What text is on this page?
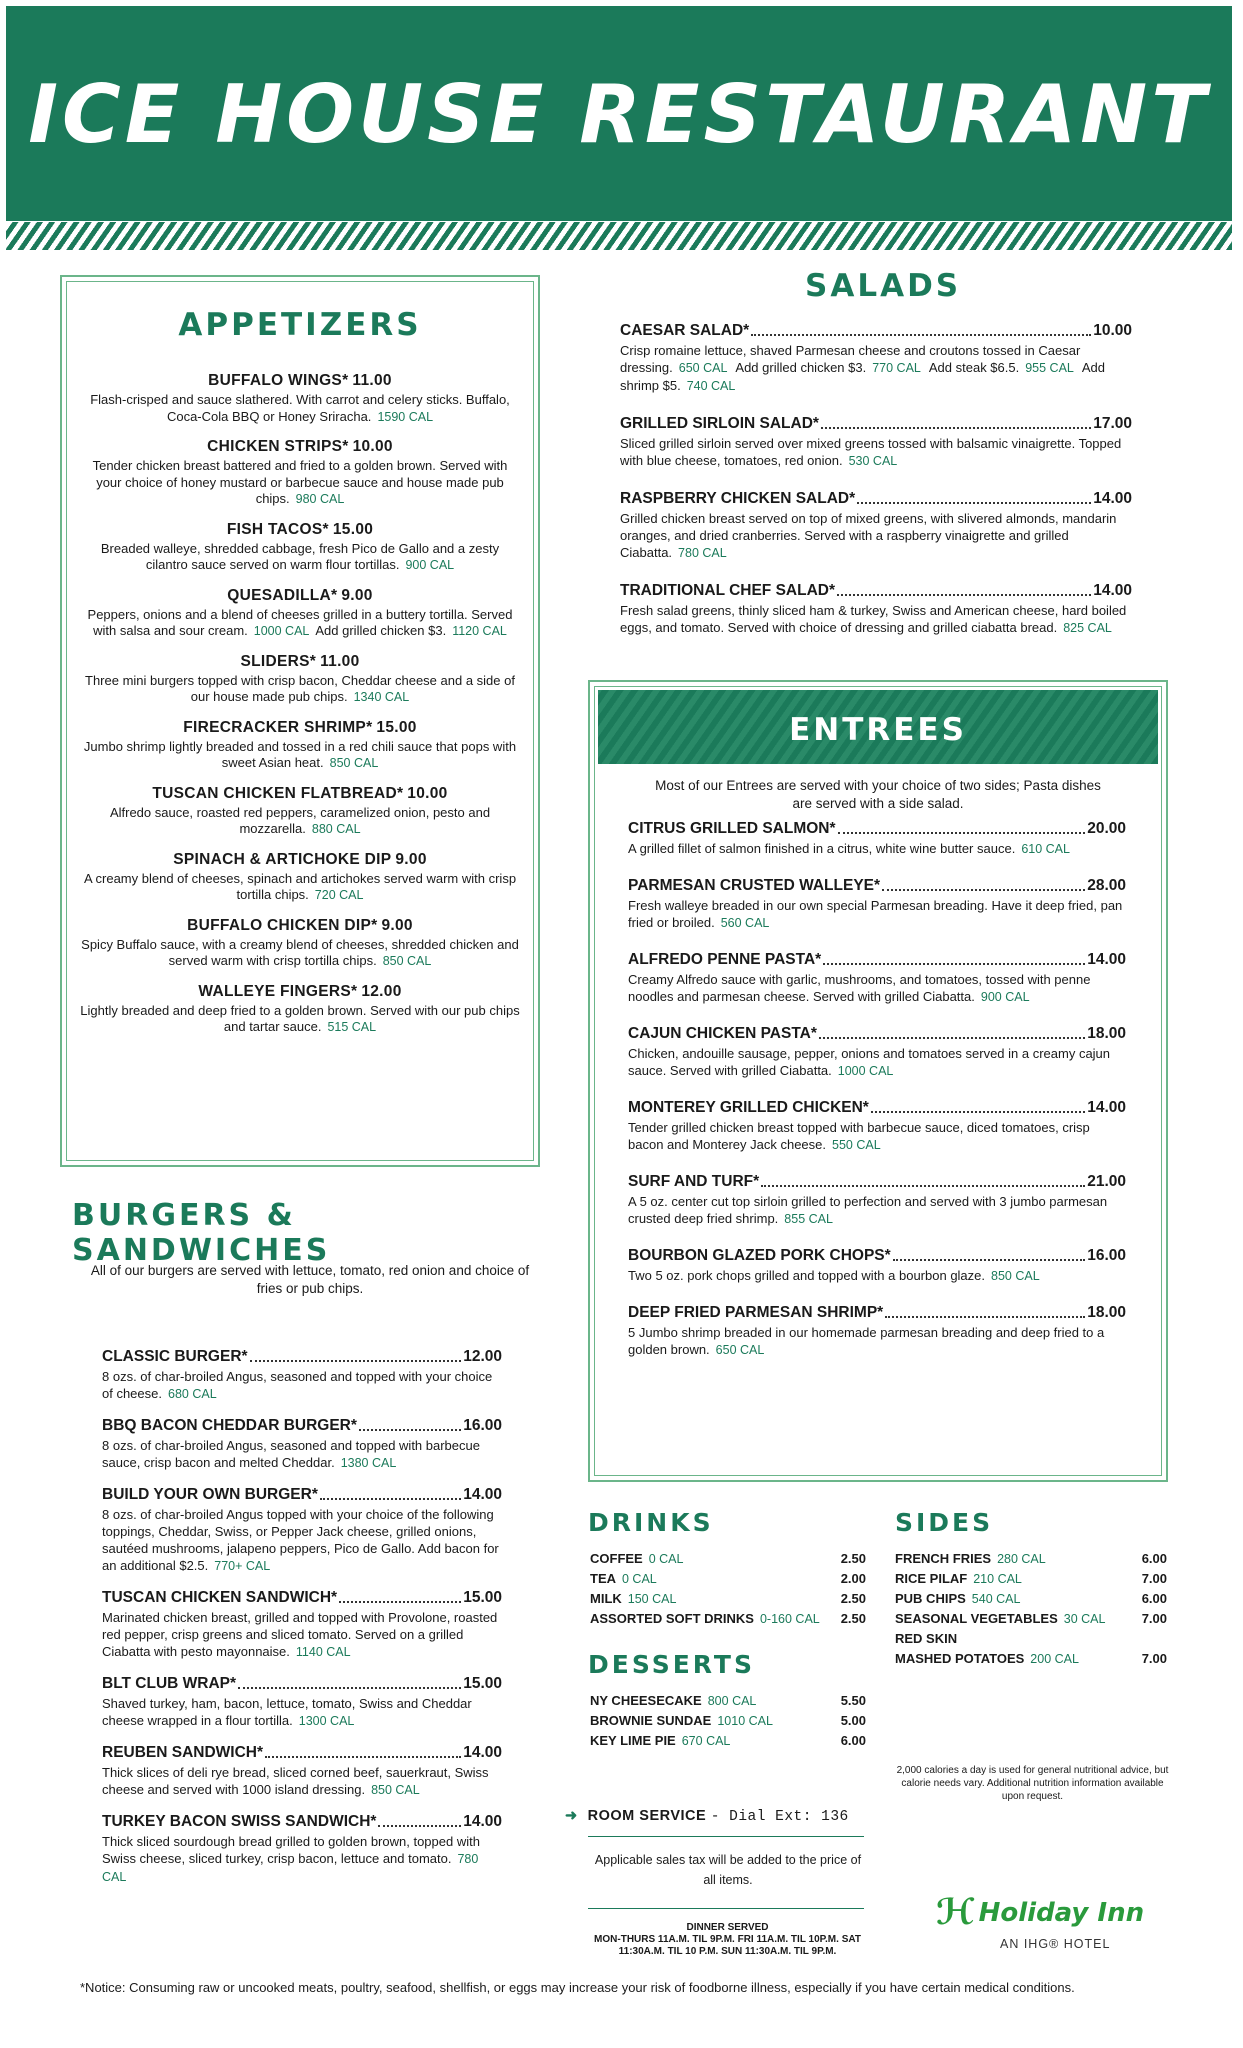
ICE HOUSE RESTAURANT
APPETIZERS
BUFFALO WINGS* 11.00
Flash-crisped and sauce slathered. With carrot and celery sticks. Buffalo, Coca-Cola BBQ or Honey Sriracha. 1590 CAL
CHICKEN STRIPS* 10.00
Tender chicken breast battered and fried to a golden brown. Served with your choice of honey mustard or barbecue sauce and house made pub chips. 980 CAL
FISH TACOS* 15.00
Breaded walleye, shredded cabbage, fresh Pico de Gallo and a zesty cilantro sauce served on warm flour tortillas. 900 CAL
QUESADILLA* 9.00
Peppers, onions and a blend of cheeses grilled in a buttery tortilla. Served with salsa and sour cream. 1000 CAL Add grilled chicken $3. 1120 CAL
SLIDERS* 11.00
Three mini burgers topped with crisp bacon, Cheddar cheese and a side of our house made pub chips. 1340 CAL
FIRECRACKER SHRIMP* 15.00
Jumbo shrimp lightly breaded and tossed in a red chili sauce that pops with sweet Asian heat. 850 CAL
TUSCAN CHICKEN FLATBREAD* 10.00
Alfredo sauce, roasted red peppers, caramelized onion, pesto and mozzarella. 880 CAL
SPINACH & ARTICHOKE DIP 9.00
A creamy blend of cheeses, spinach and artichokes served warm with crisp tortilla chips. 720 CAL
BUFFALO CHICKEN DIP* 9.00
Spicy Buffalo sauce, with a creamy blend of cheeses, shredded chicken and served warm with crisp tortilla chips. 850 CAL
WALLEYE FINGERS* 12.00
Lightly breaded and deep fried to a golden brown. Served with our pub chips and tartar sauce. 515 CAL
BURGERS & SANDWICHES
All of our burgers are served with lettuce, tomato, red onion and choice of fries or pub chips.
CLASSIC BURGER*	12.00
8 ozs. of char-broiled Angus, seasoned and topped with your choice of cheese. 680 CAL
BBQ BACON CHEDDAR BURGER*	16.00
8 ozs. of char-broiled Angus, seasoned and topped with barbecue sauce, crisp bacon and melted Cheddar. 1380 CAL
BUILD YOUR OWN BURGER*	14.00
8 ozs. of char-broiled Angus topped with your choice of the following toppings, Cheddar, Swiss, or Pepper Jack cheese, grilled onions, sautéed mushrooms, jalapeno peppers, Pico de Gallo. Add bacon for an additional $2.5. 770+ CAL
TUSCAN CHICKEN SANDWICH*	15.00
Marinated chicken breast, grilled and topped with Provolone, roasted red pepper, crisp greens and sliced tomato. Served on a grilled Ciabatta with pesto mayonnaise. 1140 CAL
BLT CLUB WRAP*	15.00
Shaved turkey, ham, bacon, lettuce, tomato, Swiss and Cheddar cheese wrapped in a flour tortilla. 1300 CAL
REUBEN SANDWICH*	14.00
Thick slices of deli rye bread, sliced corned beef, sauerkraut, Swiss cheese and served with 1000 island dressing. 850 CAL
TURKEY BACON SWISS SANDWICH*	14.00
Thick sliced sourdough bread grilled to golden brown, topped with Swiss cheese, sliced turkey, crisp bacon, lettuce and tomato. 780 CAL
SALADS
CAESAR SALAD*	10.00
Crisp romaine lettuce, shaved Parmesan cheese and croutons tossed in Caesar dressing. 650 CAL Add grilled chicken $3. 770 CAL Add steak $6.5. 955 CAL Add shrimp $5. 740 CAL
GRILLED SIRLOIN SALAD*	17.00
Sliced grilled sirloin served over mixed greens tossed with balsamic vinaigrette. Topped with blue cheese, tomatoes, red onion. 530 CAL
RASPBERRY CHICKEN SALAD*	14.00
Grilled chicken breast served on top of mixed greens, with slivered almonds, mandarin oranges, and dried cranberries. Served with a raspberry vinaigrette and grilled Ciabatta. 780 CAL
TRADITIONAL CHEF SALAD*	14.00
Fresh salad greens, thinly sliced ham & turkey, Swiss and American cheese, hard boiled eggs, and tomato. Served with choice of dressing and grilled ciabatta bread. 825 CAL
ENTREES
Most of our Entrees are served with your choice of two sides; Pasta dishes are served with a side salad.
CITRUS GRILLED SALMON*	20.00
A grilled fillet of salmon finished in a citrus, white wine butter sauce. 610 CAL
PARMESAN CRUSTED WALLEYE*	28.00
Fresh walleye breaded in our own special Parmesan breading. Have it deep fried, pan fried or broiled. 560 CAL
ALFREDO PENNE PASTA*	14.00
Creamy Alfredo sauce with garlic, mushrooms, and tomatoes, tossed with penne noodles and parmesan cheese. Served with grilled Ciabatta. 900 CAL
CAJUN CHICKEN PASTA*	18.00
Chicken, andouille sausage, pepper, onions and tomatoes served in a creamy cajun sauce. Served with grilled Ciabatta. 1000 CAL
MONTEREY GRILLED CHICKEN*	14.00
Tender grilled chicken breast topped with barbecue sauce, diced tomatoes, crisp bacon and Monterey Jack cheese. 550 CAL
SURF AND TURF*	21.00
A 5 oz. center cut top sirloin grilled to perfection and served with 3 jumbo parmesan crusted deep fried shrimp. 855 CAL
BOURBON GLAZED PORK CHOPS*	16.00
Two 5 oz. pork chops grilled and topped with a bourbon glaze. 850 CAL
DEEP FRIED PARMESAN SHRIMP*	18.00
5 Jumbo shrimp breaded in our homemade parmesan breading and deep fried to a golden brown. 650 CAL
DRINKS
COFFEE 0 CAL	2.50
TEA 0 CAL	2.00
MILK 150 CAL	2.50
ASSORTED SOFT DRINKS 0-160 CAL 2.50
DESSERTS
NY CHEESECAKE 800 CAL	5.50
BROWNIE SUNDAE 1010 CAL	5.00
KEY LIME PIE 670 CAL	6.00
SIDES
FRENCH FRIES 280 CAL	6.00
RICE PILAF 210 CAL	7.00
PUB CHIPS 540 CAL	6.00
SEASONAL VEGETABLES 30 CAL	7.00
RED SKIN
MASHED POTATOES 200 CAL	7.00
2,000 calories a day is used for general nutritional advice, but calorie needs vary. Additional nutrition information available upon request.
➜ ROOM SERVICE - Dial Ext: 136
Applicable sales tax will be added to the price of all items.
DINNER SERVED
MON-THURS 11A.M. TIL 9P.M. FRI 11A.M. TIL 10P.M. SAT 11:30A.M. TIL 10 P.M. SUN 11:30A.M. TIL 9P.M.
ℋ Holiday Inn
AN IHG® HOTEL
*Notice: Consuming raw or uncooked meats, poultry, seafood, shellfish, or eggs may increase your risk of foodborne illness, especially if you have certain medical conditions.
